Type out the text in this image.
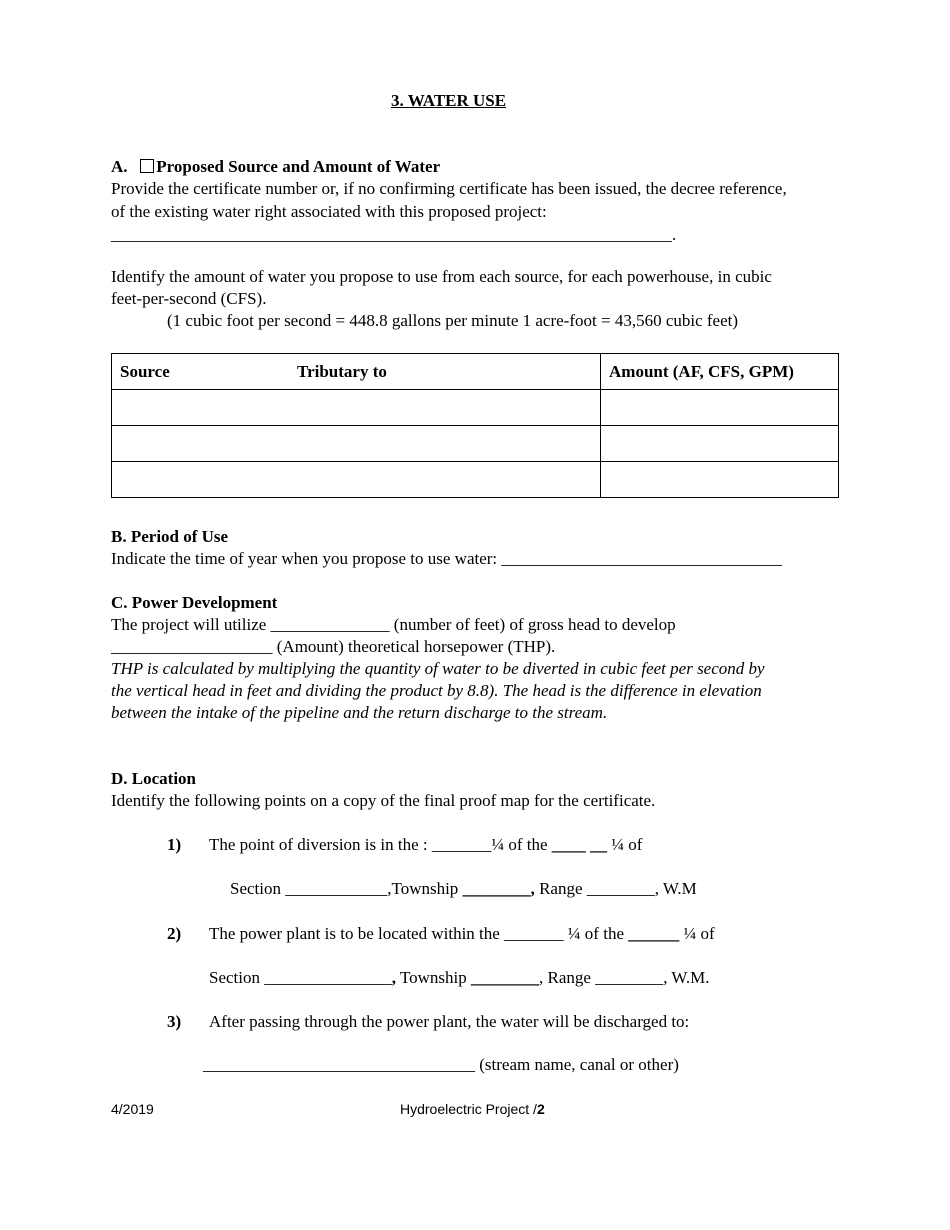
3. WATER USE
A. Proposed Source and Amount of Water
Provide the certificate number or, if no confirming certificate has been issued, the decree reference,
of the existing water right associated with this proposed project:
__________________________________________________________________.
Identify the amount of water you propose to use from each source, for each powerhouse, in cubic
feet-per-second (CFS).
(1 cubic foot per second = 448.8 gallons per minute 1 acre-foot = 43,560 cubic feet)
Source Tributary to	Amount (AF, CFS, GPM)

B. Period of Use
Indicate the time of year when you propose to use water: _________________________________
C. Power Development
The project will utilize ______________ (number of feet) of gross head to develop
___________________ (Amount) theoretical horsepower (THP).
THP is calculated by multiplying the quantity of water to be diverted in cubic feet per second by
the vertical head in feet and dividing the product by 8.8). The head is the difference in elevation
between the intake of the pipeline and the return discharge to the stream.
D. Location
Identify the following points on a copy of the final proof map for the certificate.
1) The point of diversion is in the : _______¼ of the ____ __ ¼ of
Section ____________,Township ________, Range ________, W.M
2) The power plant is to be located within the _______ ¼ of the ______ ¼ of
Section _______________, Township ________, Range ________, W.M.
3) After passing through the power plant, the water will be discharged to:
________________________________ (stream name, canal or other)
4/2019	Hydroelectric Project /2
